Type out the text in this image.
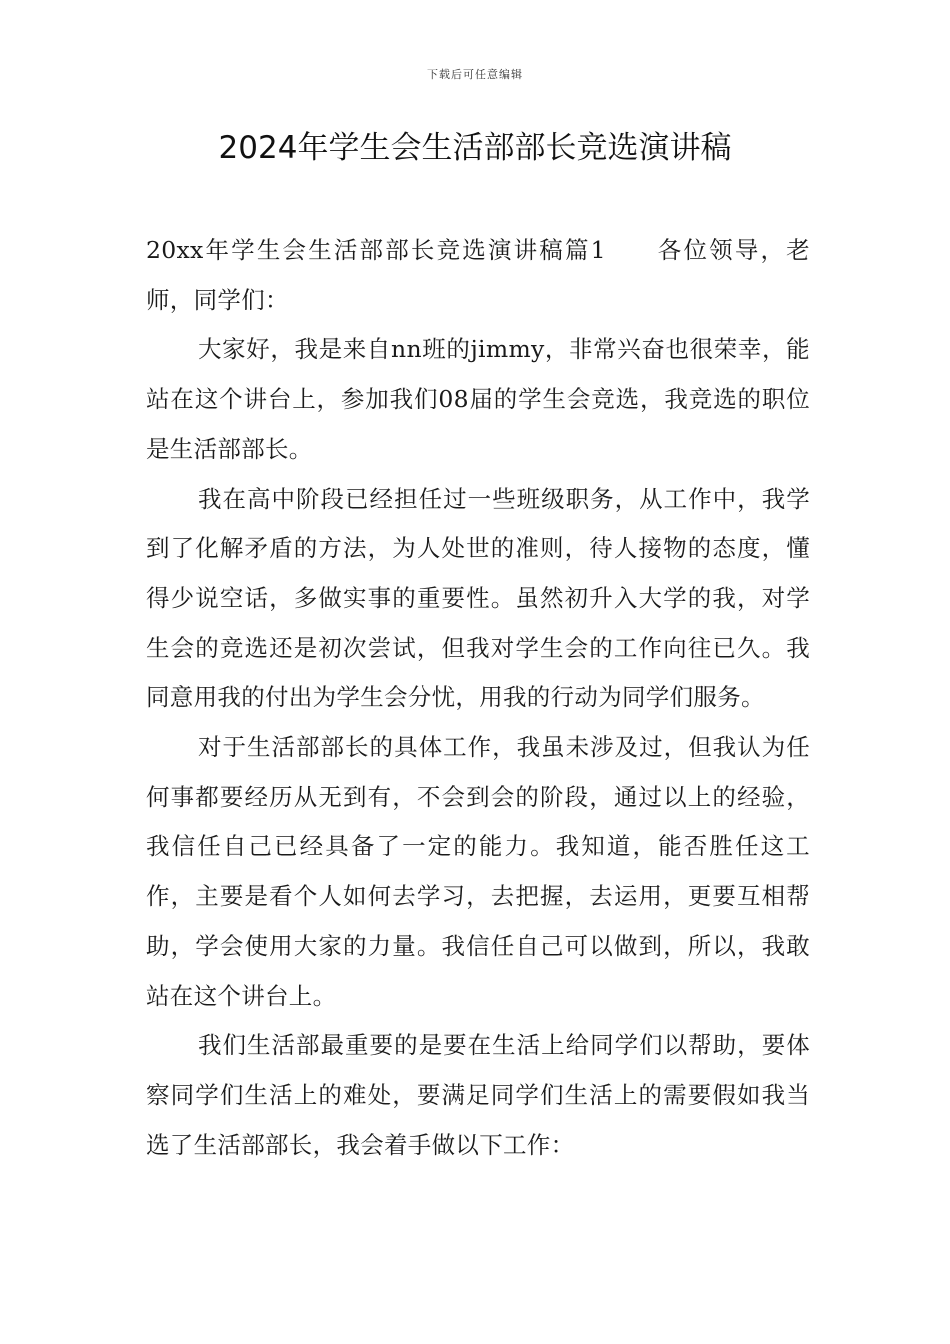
下载后可任意编辑
2024年学生会生活部部长竞选演讲稿

20xx年学生会生活部部长竞选演讲稿篇1 各位领导，老师，同学们：

大家好，我是来自nn班的jimmy，非常兴奋也很荣幸，能站在这个讲台上，参加我们08届的学生会竞选，我竞选的职位是生活部部长。

我在高中阶段已经担任过一些班级职务，从工作中，我学到了化解矛盾的方法，为人处世的准则，待人接物的态度，懂得少说空话，多做实事的重要性。虽然初升入大学的我，对学生会的竞选还是初次尝试，但我对学生会的工作向往已久。我同意用我的付出为学生会分忧，用我的行动为同学们服务。

对于生活部部长的具体工作，我虽未涉及过，但我认为任何事都要经历从无到有，不会到会的阶段，通过以上的经验，我信任自己已经具备了一定的能力。我知道，能否胜任这工作，主要是看个人如何去学习，去把握，去运用，更要互相帮助，学会使用大家的力量。我信任自己可以做到，所以，我敢站在这个讲台上。

我们生活部最重要的是要在生活上给同学们以帮助，要体察同学们生活上的难处，要满足同学们生活上的需要假如我当选了生活部部长，我会着手做以下工作：
